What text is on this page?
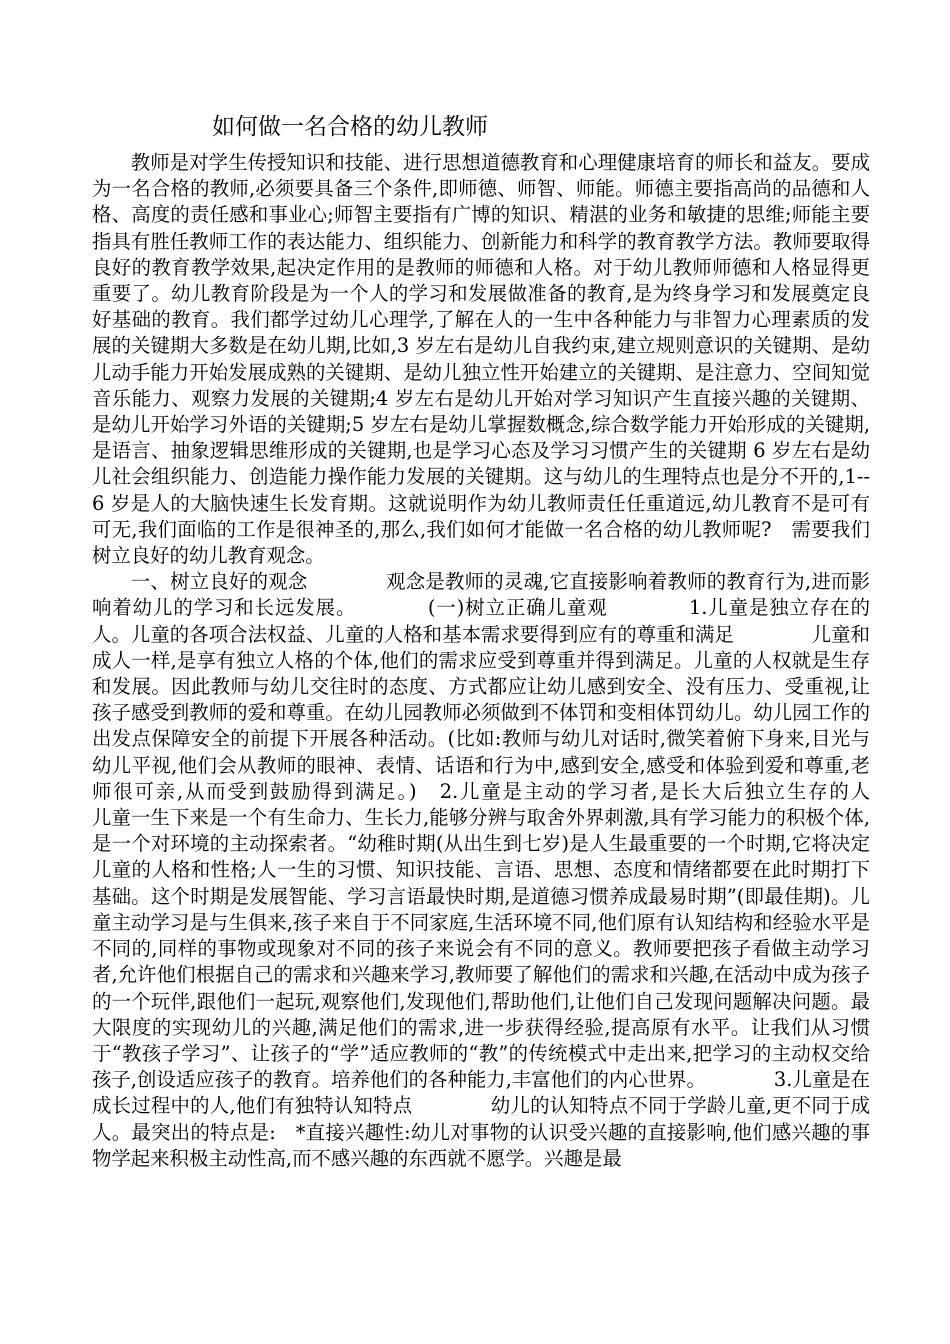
如何做一名合格的幼儿教师

教师是对学生传授知识和技能、进行思想道德教育和心理健康培育的师长和益友。要成为一名合格的教师,必须要具备三个条件,即师德、师智、师能。师德主要指高尚的品德和人格、高度的责任感和事业心;师智主要指有广博的知识、精湛的业务和敏捷的思维;师能主要指具有胜任教师工作的表达能力、组织能力、创新能力和科学的教育教学方法。教师要取得良好的教育教学效果,起决定作用的是教师的师德和人格。对于幼儿教师师德和人格显得更重要了。幼儿教育阶段是为一个人的学习和发展做准备的教育,是为终身学习和发展奠定良好基础的教育。我们都学过幼儿心理学,了解在人的一生中各种能力与非智力心理素质的发展的关键期大多数是在幼儿期,比如,3 岁左右是幼儿自我约束,建立规则意识的关键期、是幼儿动手能力开始发展成熟的关键期、是幼儿独立性开始建立的关键期、是注意力、空间知觉音乐能力、观察力发展的关键期;4 岁左右是幼儿开始对学习知识产生直接兴趣的关键期、是幼儿开始学习外语的关键期;5 岁左右是幼儿掌握数概念,综合数学能力开始形成的关键期,是语言、抽象逻辑思维形成的关键期,也是学习心态及学习习惯产生的关键期 6 岁左右是幼儿社会组织能力、创造能力操作能力发展的关键期。这与幼儿的生理特点也是分不开的,1--6 岁是人的大脑快速生长发育期。这就说明作为幼儿教师责任任重道远,幼儿教育不是可有可无,我们面临的工作是很神圣的,那么,我们如何才能做一名合格的幼儿教师呢?　需要我们树立良好的幼儿教育观念。

一、树立良好的观念　　　　观念是教师的灵魂,它直接影响着教师的教育行为,进而影响着幼儿的学习和长远发展。　　　　(一)树立正确儿童观　　　　1.儿童是独立存在的人。儿童的各项合法权益、儿童的人格和基本需求要得到应有的尊重和满足　　　　儿童和成人一样,是享有独立人格的个体,他们的需求应受到尊重并得到满足。儿童的人权就是生存和发展。因此教师与幼儿交往时的态度、方式都应让幼儿感到安全、没有压力、受重视,让孩子感受到教师的爱和尊重。在幼儿园教师必须做到不体罚和变相体罚幼儿。幼儿园工作的出发点保障安全的前提下开展各种活动。(比如:教师与幼儿对话时,微笑着俯下身来,目光与幼儿平视,他们会从教师的眼神、表情、话语和行为中,感到安全,感受和体验到爱和尊重,老师很可亲,从而受到鼓励得到满足。)　2.儿童是主动的学习者,是长大后独立生存的人　　　　儿童一生下来是一个有生命力、生长力,能够分辨与取舍外界刺激,具有学习能力的积极个体,是一个对环境的主动探索者。“幼稚时期(从出生到七岁)是人生最重要的一个时期,它将决定儿童的人格和性格;人一生的习惯、知识技能、言语、思想、态度和情绪都要在此时期打下基础。这个时期是发展智能、学习言语最快时期,是道德习惯养成最易时期”(即最佳期)。儿童主动学习是与生俱来,孩子来自于不同家庭,生活环境不同,他们原有认知结构和经验水平是不同的,同样的事物或现象对不同的孩子来说会有不同的意义。教师要把孩子看做主动学习者,允许他们根据自己的需求和兴趣来学习,教师要了解他们的需求和兴趣,在活动中成为孩子的一个玩伴,跟他们一起玩,观察他们,发现他们,帮助他们,让他们自己发现问题解决问题。最大限度的实现幼儿的兴趣,满足他们的需求,进一步获得经验,提高原有水平。让我们从习惯于“教孩子学习”、让孩子的“学”适应教师的“教”的传统模式中走出来,把学习的主动权交给孩子,创设适应孩子的教育。培养他们的各种能力,丰富他们的内心世界。　　　　3.儿童是在成长过程中的人,他们有独特认知特点　　　　幼儿的认知特点不同于学龄儿童,更不同于成人。最突出的特点是:　*直接兴趣性:幼儿对事物的认识受兴趣的直接影响,他们感兴趣的事物学起来积极主动性高,而不感兴趣的东西就不愿学。兴趣是最
